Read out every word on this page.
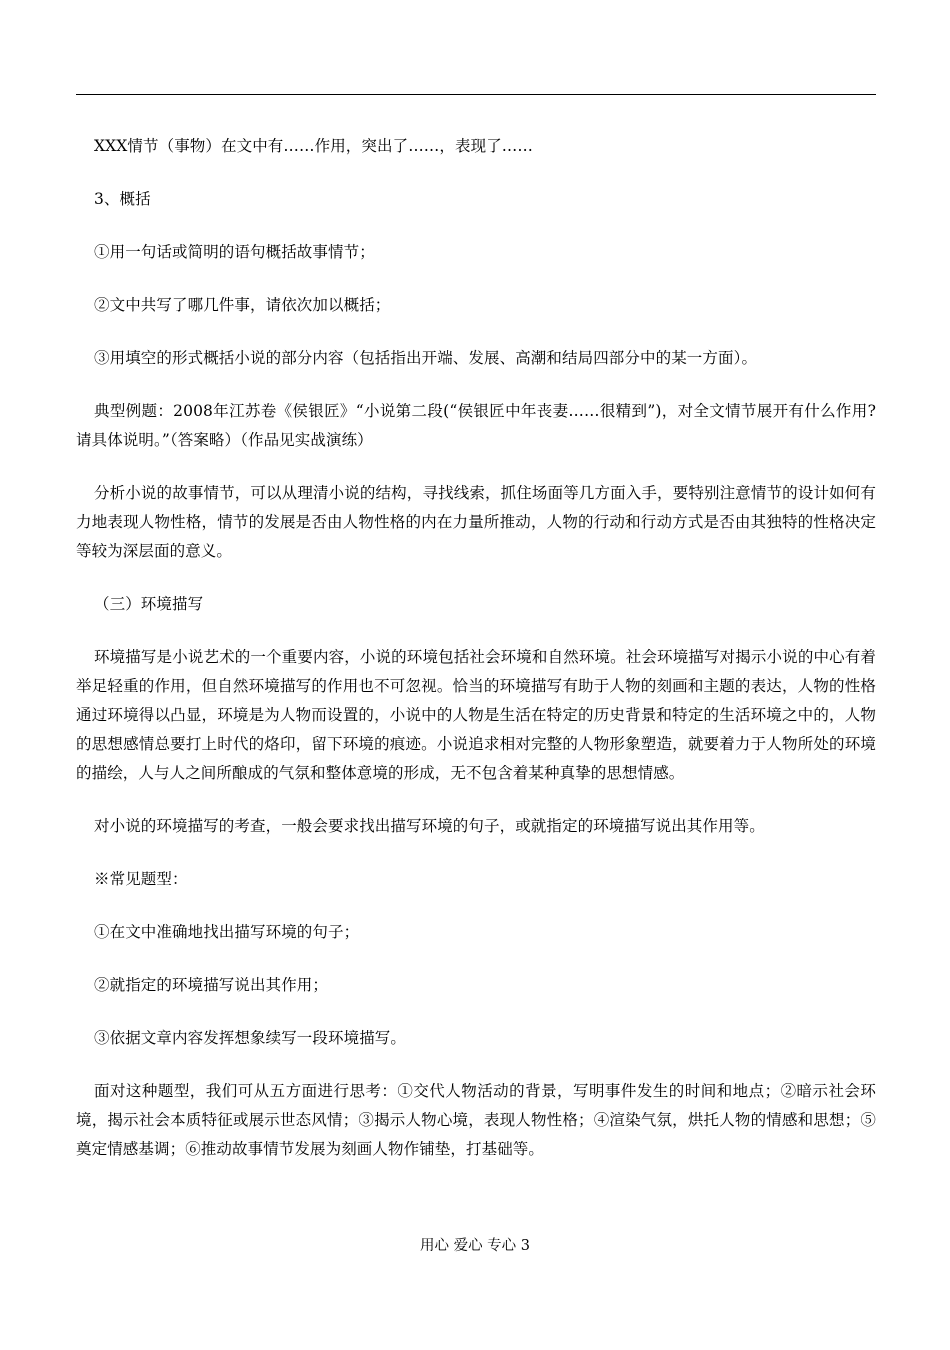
XXX情节（事物）在文中有……作用，突出了……，表现了……

3、概括

①用一句话或简明的语句概括故事情节；

②文中共写了哪几件事，请依次加以概括；

③用填空的形式概括小说的部分内容（包括指出开端、发展、高潮和结局四部分中的某一方面）。

典型例题：2008年江苏卷《侯银匠》“小说第二段(“侯银匠中年丧妻……很精到”)，对全文情节展开有什么作用?请具体说明。”（答案略）（作品见实战演练）

分析小说的故事情节，可以从理清小说的结构，寻找线索，抓住场面等几方面入手，要特别注意情节的设计如何有力地表现人物性格，情节的发展是否由人物性格的内在力量所推动，人物的行动和行动方式是否由其独特的性格决定等较为深层面的意义。

（三）环境描写

环境描写是小说艺术的一个重要内容，小说的环境包括社会环境和自然环境。社会环境描写对揭示小说的中心有着举足轻重的作用，但自然环境描写的作用也不可忽视。恰当的环境描写有助于人物的刻画和主题的表达，人物的性格通过环境得以凸显，环境是为人物而设置的，小说中的人物是生活在特定的历史背景和特定的生活环境之中的，人物的思想感情总要打上时代的烙印，留下环境的痕迹。小说追求相对完整的人物形象塑造，就要着力于人物所处的环境的描绘，人与人之间所酿成的气氛和整体意境的形成，无不包含着某种真挚的思想情感。

对小说的环境描写的考查，一般会要求找出描写环境的句子，或就指定的环境描写说出其作用等。

※常见题型：

①在文中准确地找出描写环境的句子；

②就指定的环境描写说出其作用；

③依据文章内容发挥想象续写一段环境描写。

面对这种题型，我们可从五方面进行思考：①交代人物活动的背景，写明事件发生的时间和地点；②暗示社会环境，揭示社会本质特征或展示世态风情；③揭示人物心境，表现人物性格；④渲染气氛，烘托人物的情感和思想；⑤奠定情感基调；⑥推动故事情节发展为刻画人物作铺垫，打基础等。

用心 爱心 专心 3
